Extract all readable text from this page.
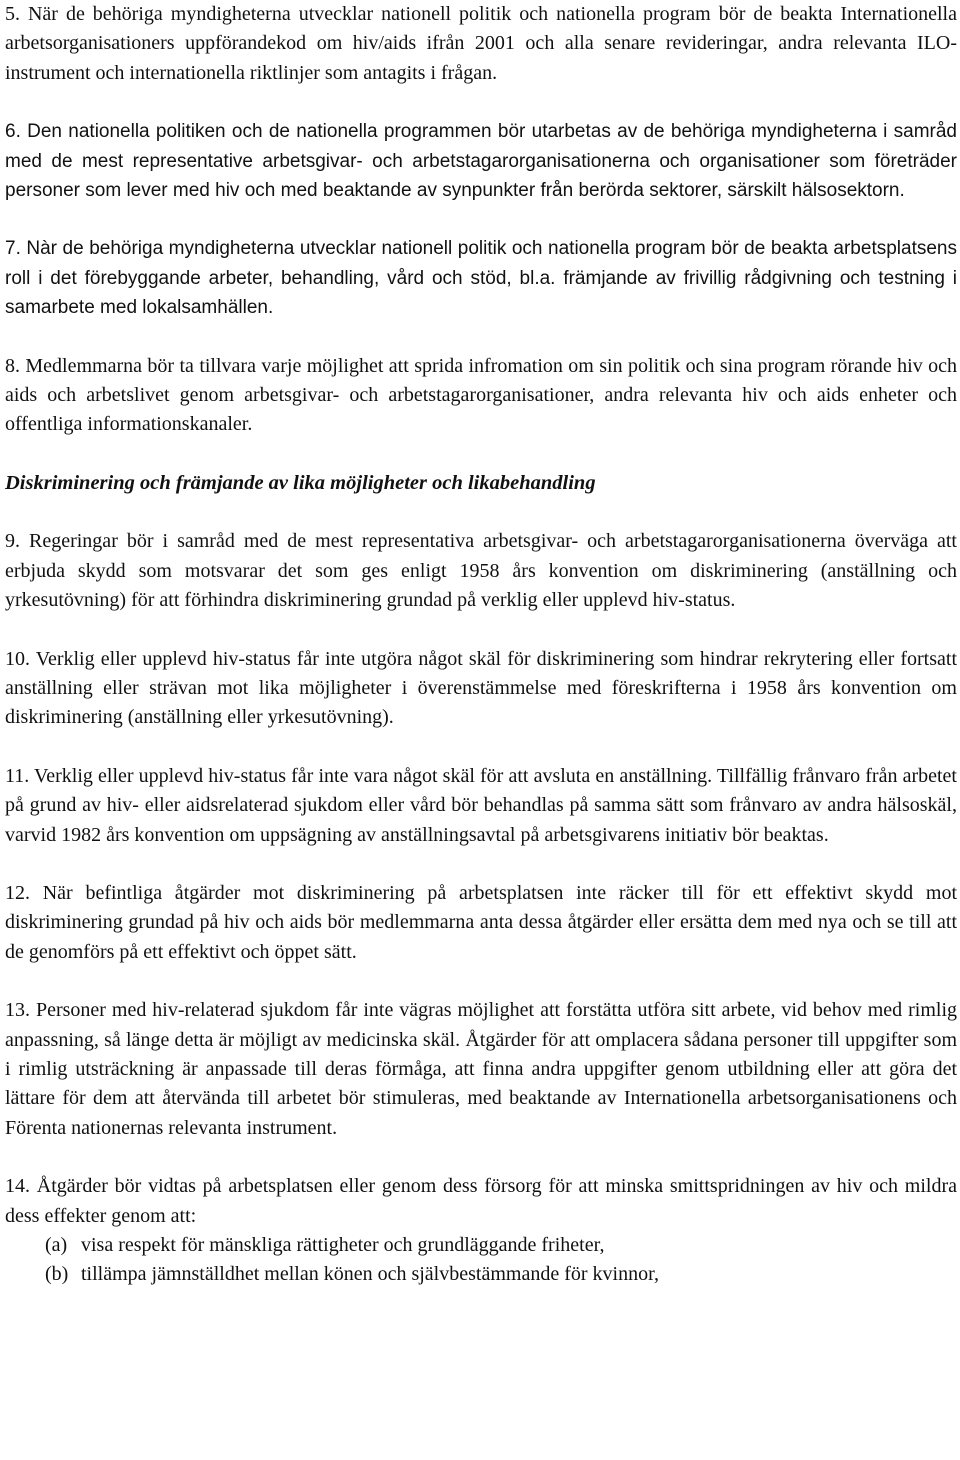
5. När de behöriga myndigheterna utvecklar nationell politik och nationella program bör de beakta Internationella arbetsorganisationers uppförandekod om hiv/aids ifrån 2001 och alla senare revideringar, andra relevanta ILO-instrument och internationella riktlinjer som antagits i frågan.

6. Den nationella politiken och de nationella programmen bör utarbetas av de behöriga myndigheterna i samråd med de mest representative arbetsgivar- och arbetstagarorganisationerna och organisationer som företräder personer som lever med hiv och med beaktande av synpunkter från berörda sektorer, särskilt hälsosektorn.

7. Nàr de behöriga myndigheterna utvecklar nationell politik och nationella program bör de beakta arbetsplatsens roll i det förebyggande arbeter, behandling, vård och stöd, bl.a. främjande av frivillig rådgivning och testning i samarbete med lokalsamhällen.

8. Medlemmarna bör ta tillvara varje möjlighet att sprida infromation om sin politik och sina program rörande hiv och aids och arbetslivet genom arbetsgivar- och arbetstagarorganisationer, andra relevanta hiv och aids enheter och offentliga informationskanaler.

Diskriminering och främjande av lika möjligheter och likabehandling

9. Regeringar bör i samråd med de mest representativa arbetsgivar- och arbetstagarorganisationerna överväga att erbjuda skydd som motsvarar det som ges enligt 1958 års konvention om diskriminering (anställning och yrkesutövning) för att förhindra diskriminering grundad på verklig eller upplevd hiv-status.

10. Verklig eller upplevd hiv-status får inte utgöra något skäl för diskriminering som hindrar rekrytering eller fortsatt anställning eller strävan mot lika möjligheter i överenstämmelse med föreskrifterna i 1958 års konvention om diskriminering (anställning eller yrkesutövning).

11. Verklig eller upplevd hiv-status får inte vara något skäl för att avsluta en anställning. Tillfällig frånvaro från arbetet på grund av hiv- eller aidsrelaterad sjukdom eller vård bör behandlas på samma sätt som frånvaro av andra hälsoskäl, varvid 1982 års konvention om uppsägning av anställningsavtal på arbetsgivarens initiativ bör beaktas.

12. När befintliga åtgärder mot diskriminering på arbetsplatsen inte räcker till för ett effektivt skydd mot diskriminering grundad på hiv och aids bör medlemmarna anta dessa åtgärder eller ersätta dem med nya och se till att de genomförs på ett effektivt och öppet sätt.

13. Personer med hiv-relaterad sjukdom får inte vägras möjlighet att forstätta utföra sitt arbete, vid behov med rimlig anpassning, så länge detta är möjligt av medicinska skäl. Åtgärder för att omplacera sådana personer till uppgifter som i rimlig utsträckning är anpassade till deras förmåga, att finna andra uppgifter genom utbildning eller att göra det lättare för dem att återvända till arbetet bör stimuleras, med beaktande av Internationella arbetsorganisationens och Förenta nationernas relevanta instrument.

14. Åtgärder bör vidtas på arbetsplatsen eller genom dess försorg för att minska smittspridningen av hiv och mildra dess effekter genom att:

(a) visa respekt för mänskliga rättigheter och grundläggande friheter,
(b) tillämpa jämnställdhet mellan könen och självbestämmande för kvinnor,
